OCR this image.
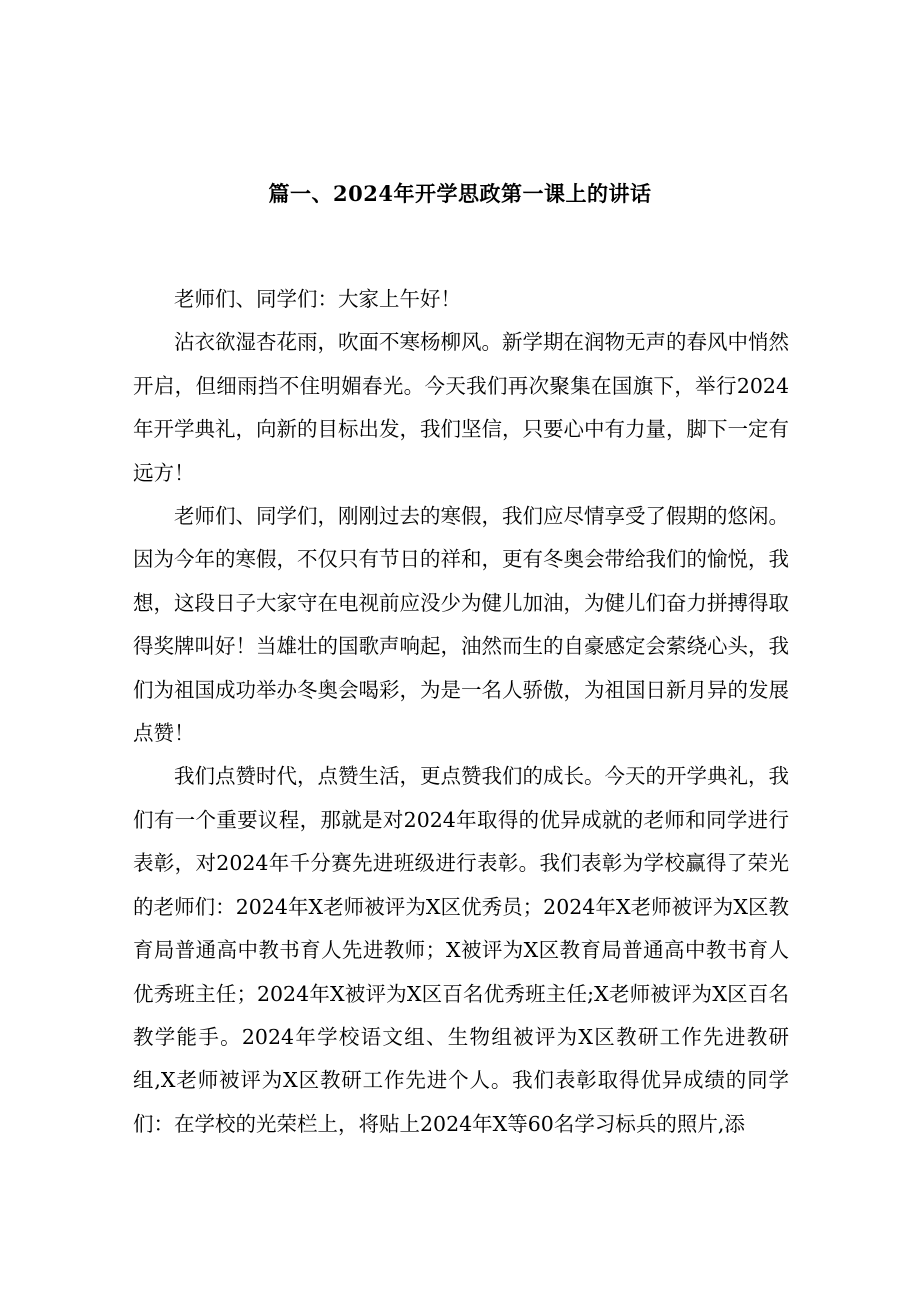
篇一、2024年开学思政第一课上的讲话

老师们、同学们：大家上午好！

沾衣欲湿杏花雨，吹面不寒杨柳风。新学期在润物无声的春风中悄然开启，但细雨挡不住明媚春光。今天我们再次聚集在国旗下，举行2024年开学典礼，向新的目标出发，我们坚信，只要心中有力量，脚下一定有远方！

老师们、同学们，刚刚过去的寒假，我们应尽情享受了假期的悠闲。因为今年的寒假，不仅只有节日的祥和，更有冬奥会带给我们的愉悦，我想，这段日子大家守在电视前应没少为健儿加油，为健儿们奋力拼搏得取得奖牌叫好！当雄壮的国歌声响起，油然而生的自豪感定会萦绕心头，我们为祖国成功举办冬奥会喝彩，为是一名人骄傲，为祖国日新月异的发展点赞！

我们点赞时代，点赞生活，更点赞我们的成长。今天的开学典礼，我们有一个重要议程，那就是对2024年取得的优异成就的老师和同学进行表彰，对2024年千分赛先进班级进行表彰。我们表彰为学校赢得了荣光的老师们：2024年X老师被评为X区优秀员；2024年X老师被评为X区教育局普通高中教书育人先进教师；X被评为X区教育局普通高中教书育人优秀班主任；2024年X被评为X区百名优秀班主任;X老师被评为X区百名教学能手。2024年学校语文组、生物组被评为X区教研工作先进教研组,X老师被评为X区教研工作先进个人。我们表彰取得优异成绩的同学们：在学校的光荣栏上，将贴上2024年X等60名学习标兵的照片,添
